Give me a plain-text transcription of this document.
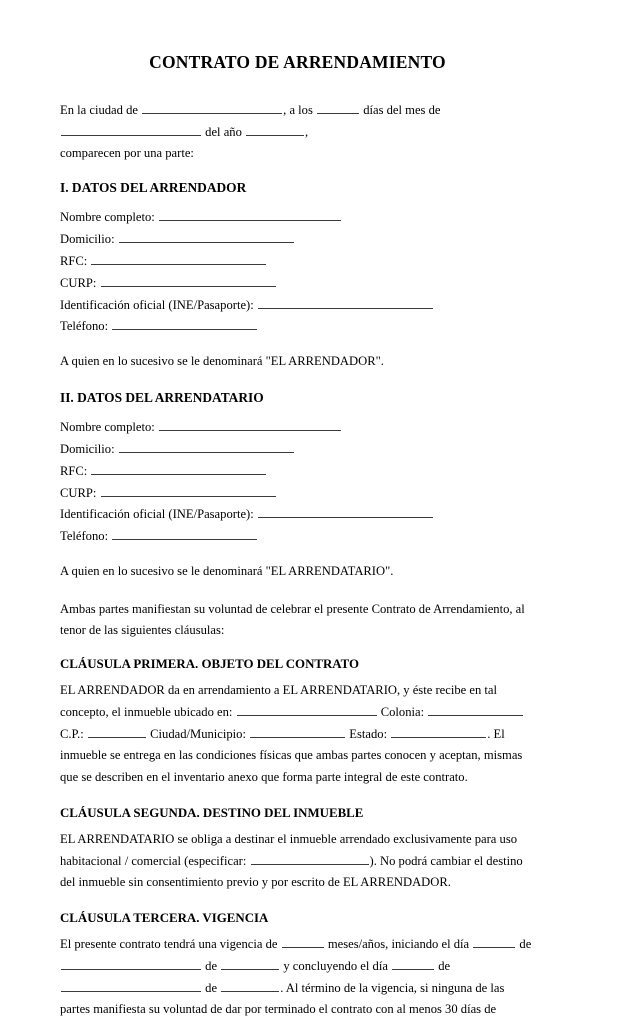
CONTRATO DE ARRENDAMIENTO

En la ciudad de	, a los	días del mes de  del año	,
comparecen por una parte:

I. DATOS DEL ARRENDADOR
Nombre completo:
Domicilio:
RFC:
CURP:
Identificación oficial (INE/Pasaporte):
Teléfono:

A quien en lo sucesivo se le denominará "EL ARRENDADOR".

II. DATOS DEL ARRENDATARIO
Nombre completo:
Domicilio:
RFC:
CURP:
Identificación oficial (INE/Pasaporte):
Teléfono:

A quien en lo sucesivo se le denominará "EL ARRENDATARIO".

Ambas partes manifiestan su voluntad de celebrar el presente Contrato de Arrendamiento, al tenor de las siguientes cláusulas:

CLÁUSULA PRIMERA. OBJETO DEL CONTRATO

EL ARRENDADOR da en arrendamiento a EL ARRENDATARIO, y éste recibe en tal concepto, el inmueble ubicado en:	Colonia:  C.P.:	Ciudad/Municipio:	Estado:	. El inmueble se entrega en las condiciones físicas que ambas partes conocen y aceptan, mismas que se describen en el inventario anexo que forma parte integral de este contrato.

CLÁUSULA SEGUNDA. DESTINO DEL INMUEBLE

EL ARRENDATARIO se obliga a destinar el inmueble arrendado exclusivamente para uso habitacional / comercial (especificar:	). No podrá cambiar el destino del inmueble sin consentimiento previo y por escrito de EL ARRENDADOR.

CLÁUSULA TERCERA. VIGENCIA

El presente contrato tendrá una vigencia de	meses/años, iniciando el día	de  de	y concluyendo el día	de  de	. Al término de la vigencia, si ninguna de las partes manifiesta su voluntad de dar por terminado el contrato con al menos 30 días de
